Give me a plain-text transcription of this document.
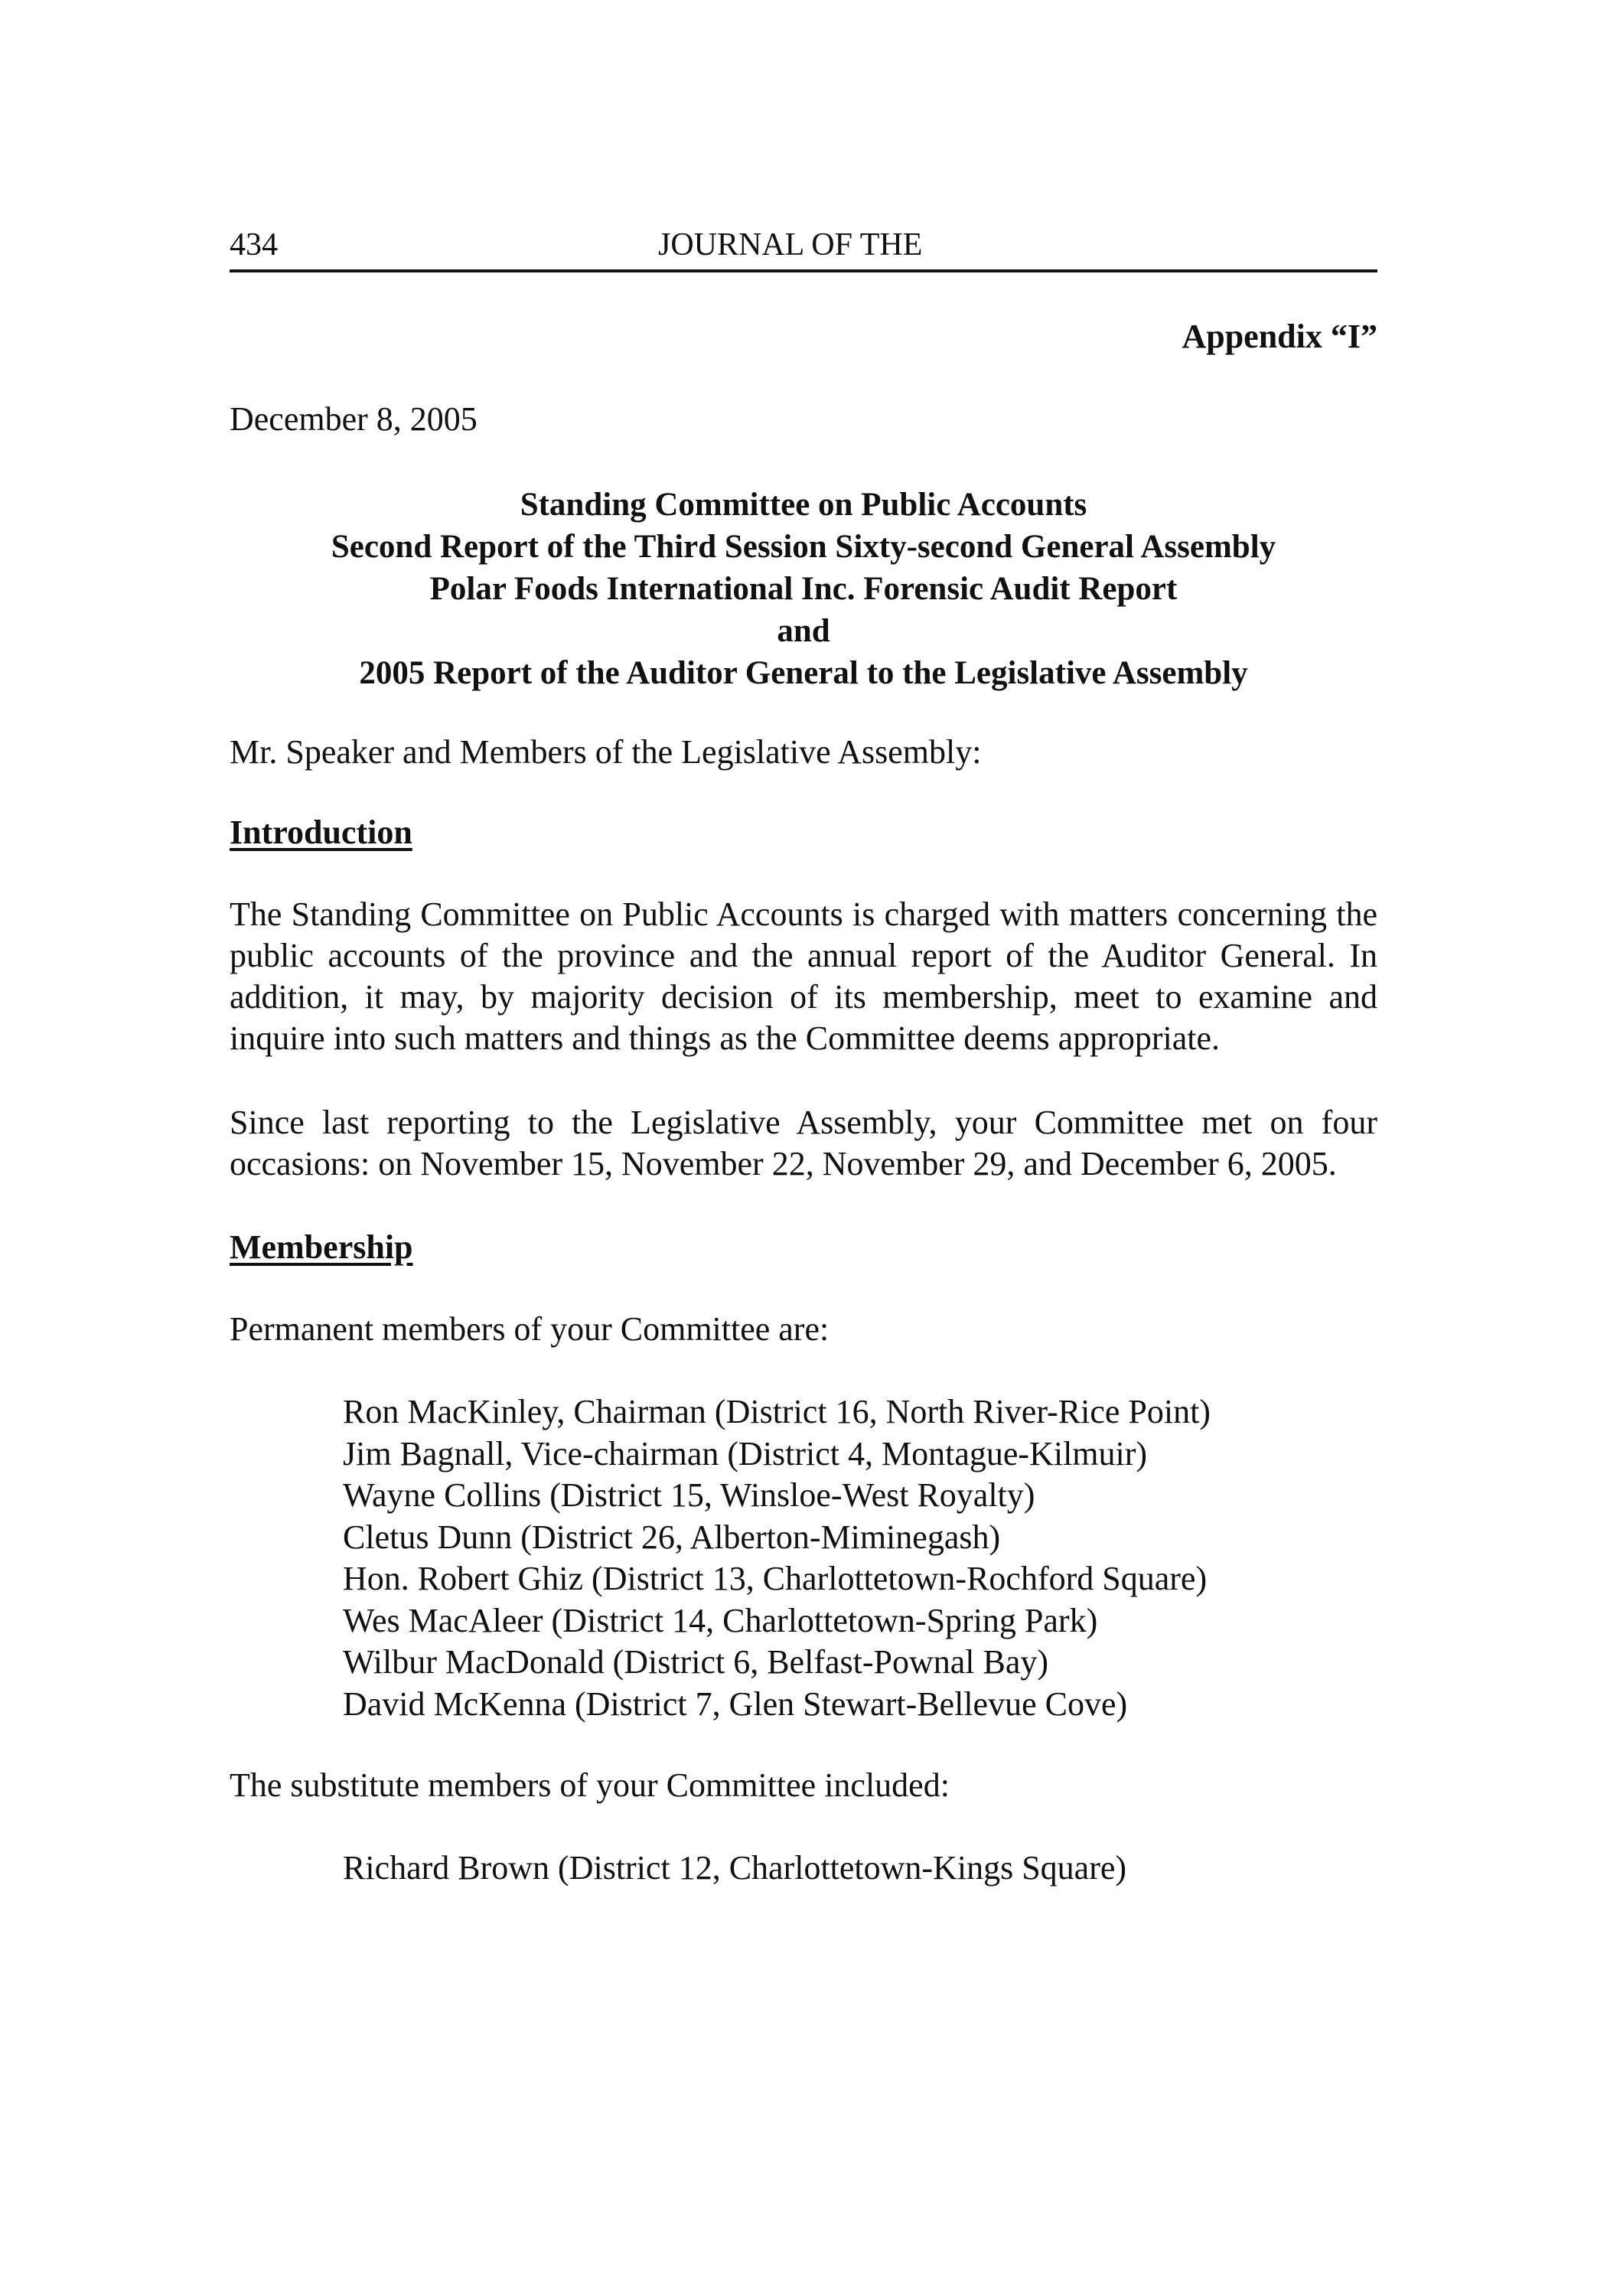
434	JOURNAL OF THE
Appendix “I”
December 8, 2005
Standing Committee on Public Accounts
Second Report of the Third Session Sixty-second General Assembly
Polar Foods International Inc. Forensic Audit Report
and
2005 Report of the Auditor General to the Legislative Assembly
Mr. Speaker and Members of the Legislative Assembly:
Introduction
The Standing Committee on Public Accounts is charged with matters concerning the public accounts of the province and the annual report of the Auditor General. In addition, it may, by majority decision of its membership, meet to examine and inquire into such matters and things as the Committee deems appropriate.
Since last reporting to the Legislative Assembly, your Committee met on four occasions: on November 15, November 22, November 29, and December 6, 2005.
Membership
Permanent members of your Committee are:
Ron MacKinley, Chairman (District 16, North River-Rice Point)
Jim Bagnall, Vice-chairman (District 4, Montague-Kilmuir)
Wayne Collins (District 15, Winsloe-West Royalty)
Cletus Dunn (District 26, Alberton-Miminegash)
Hon. Robert Ghiz (District 13, Charlottetown-Rochford Square)
Wes MacAleer (District 14, Charlottetown-Spring Park)
Wilbur MacDonald (District 6, Belfast-Pownal Bay)
David McKenna (District 7, Glen Stewart-Bellevue Cove)
The substitute members of your Committee included:
Richard Brown (District 12, Charlottetown-Kings Square)
